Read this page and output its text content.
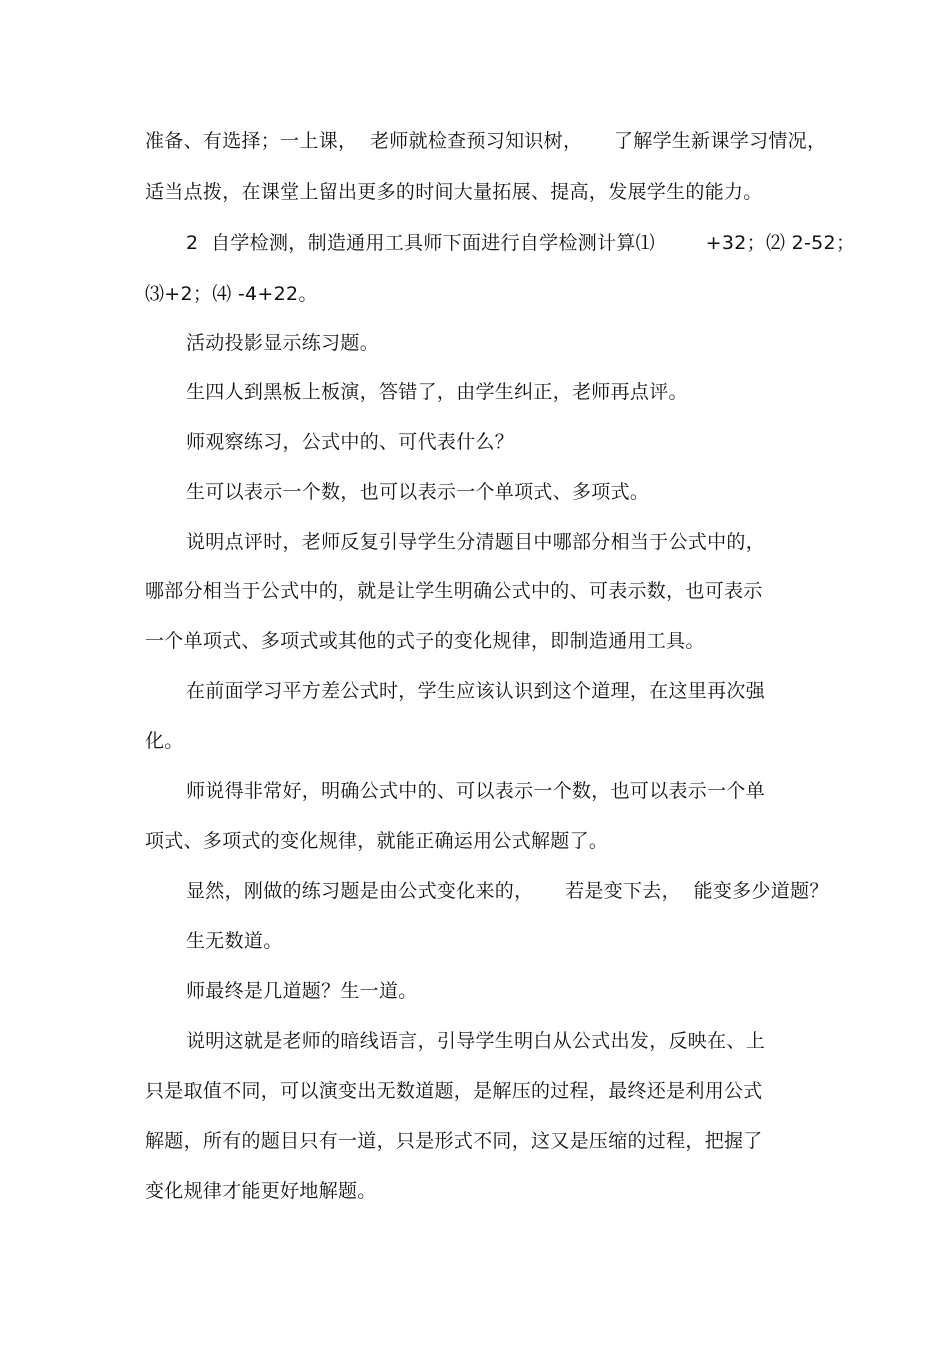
准备、有选择；一上课，  老师就检查预习知识树，     了解学生新课学习情况，
适当点拨，在课堂上留出更多的时间大量拓展、提高，发展学生的能力。
2  自学检测，制造通用工具师下面进行自学检测计算⑴        +32；⑵ 2-52；
⑶+2；⑷ -4+22。
活动投影显示练习题。
生四人到黑板上板演，答错了，由学生纠正，老师再点评。
师观察练习，公式中的、可代表什么？
生可以表示一个数，也可以表示一个单项式、多项式。
说明点评时，老师反复引导学生分清题目中哪部分相当于公式中的，
哪部分相当于公式中的，就是让学生明确公式中的、可表示数，也可表示
一个单项式、多项式或其他的式子的变化规律，即制造通用工具。
在前面学习平方差公式时，学生应该认识到这个道理，在这里再次强
化。
师说得非常好，明确公式中的、可以表示一个数，也可以表示一个单
项式、多项式的变化规律，就能正确运用公式解题了。
显然，刚做的练习题是由公式变化来的，     若是变下去，  能变多少道题？
生无数道。
师最终是几道题？生一道。
说明这就是老师的暗线语言，引导学生明白从公式出发，反映在、上
只是取值不同，可以演变出无数道题，是解压的过程，最终还是利用公式
解题，所有的题目只有一道，只是形式不同，这又是压缩的过程，把握了
变化规律才能更好地解题。
